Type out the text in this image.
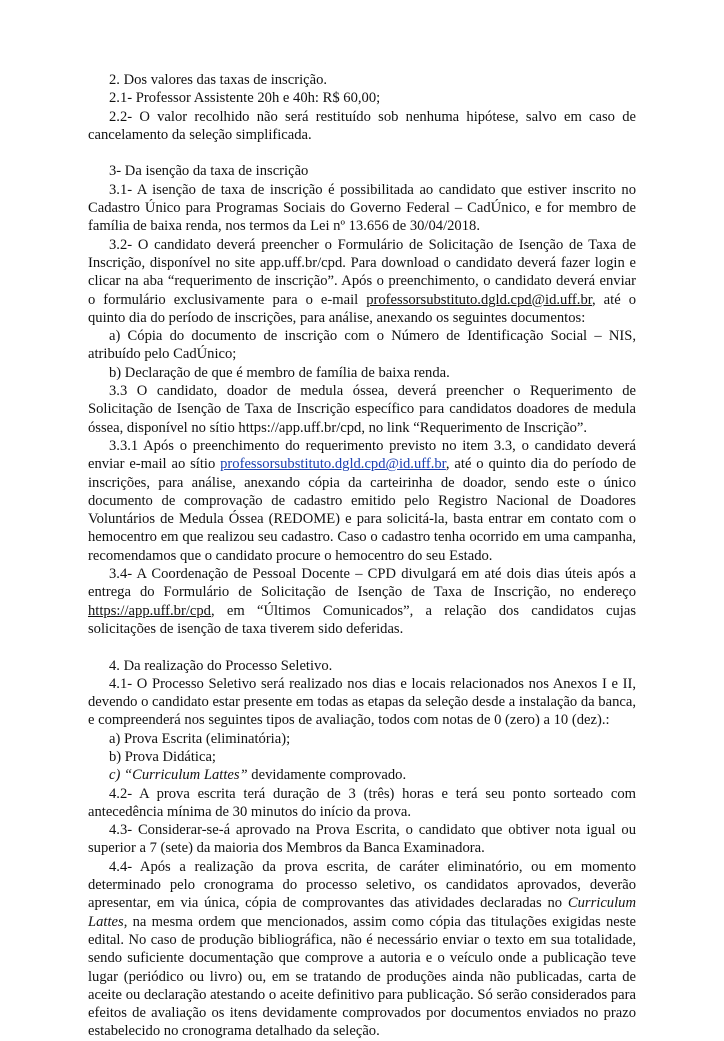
2. Dos valores das taxas de inscrição.

2.1- Professor Assistente 20h e 40h: R$ 60,00;

2.2- O valor recolhido não será restituído sob nenhuma hipótese, salvo em caso de cancelamento da seleção simplificada.

3- Da isenção da taxa de inscrição

3.1- A isenção de taxa de inscrição é possibilitada ao candidato que estiver inscrito no Cadastro Único para Programas Sociais do Governo Federal – CadÚnico, e for membro de família de baixa renda, nos termos da Lei nº 13.656 de 30/04/2018.

3.2- O candidato deverá preencher o Formulário de Solicitação de Isenção de Taxa de Inscrição, disponível no site app.uff.br/cpd. Para download o candidato deverá fazer login e clicar na aba “requerimento de inscrição”. Após o preenchimento, o candidato deverá enviar o formulário exclusivamente para o e-mail professorsubstituto.dgld.cpd@id.uff.br, até o quinto dia do período de inscrições, para análise, anexando os seguintes documentos:

a) Cópia do documento de inscrição com o Número de Identificação Social – NIS, atribuído pelo CadÚnico;

b) Declaração de que é membro de família de baixa renda.

3.3 O candidato, doador de medula óssea, deverá preencher o Requerimento de Solicitação de Isenção de Taxa de Inscrição específico para candidatos doadores de medula óssea, disponível no sítio https://app.uff.br/cpd, no link “Requerimento de Inscrição”.

3.3.1 Após o preenchimento do requerimento previsto no item 3.3, o candidato deverá enviar e-mail ao sítio professorsubstituto.dgld.cpd@id.uff.br, até o quinto dia do período de inscrições, para análise, anexando cópia da carteirinha de doador, sendo este o único documento de comprovação de cadastro emitido pelo Registro Nacional de Doadores Voluntários de Medula Óssea (REDOME) e para solicitá-la, basta entrar em contato com o hemocentro em que realizou seu cadastro. Caso o cadastro tenha ocorrido em uma campanha, recomendamos que o candidato procure o hemocentro do seu Estado.

3.4- A Coordenação de Pessoal Docente – CPD divulgará em até dois dias úteis após a entrega do Formulário de Solicitação de Isenção de Taxa de Inscrição, no endereço https://app.uff.br/cpd, em “Últimos Comunicados”, a relação dos candidatos cujas solicitações de isenção de taxa tiverem sido deferidas.

4. Da realização do Processo Seletivo.

4.1- O Processo Seletivo será realizado nos dias e locais relacionados nos Anexos I e II, devendo o candidato estar presente em todas as etapas da seleção desde a instalação da banca, e compreenderá nos seguintes tipos de avaliação, todos com notas de 0 (zero) a 10 (dez).:

a) Prova Escrita (eliminatória);

b) Prova Didática;

c) “Curriculum Lattes” devidamente comprovado.

4.2- A prova escrita terá duração de 3 (três) horas e terá seu ponto sorteado com antecedência mínima de 30 minutos do início da prova.

4.3- Considerar-se-á aprovado na Prova Escrita, o candidato que obtiver nota igual ou superior a 7 (sete) da maioria dos Membros da Banca Examinadora.

4.4- Após a realização da prova escrita, de caráter eliminatório, ou em momento determinado pelo cronograma do processo seletivo, os candidatos aprovados, deverão apresentar, em via única, cópia de comprovantes das atividades declaradas no Curriculum Lattes, na mesma ordem que mencionados, assim como cópia das titulações exigidas neste edital. No caso de produção bibliográfica, não é necessário enviar o texto em sua totalidade, sendo suficiente documentação que comprove a autoria e o veículo onde a publicação teve lugar (periódico ou livro) ou, em se tratando de produções ainda não publicadas, carta de aceite ou declaração atestando o aceite definitivo para publicação. Só serão considerados para efeitos de avaliação os itens devidamente comprovados por documentos enviados no prazo estabelecido no cronograma detalhado da seleção.
